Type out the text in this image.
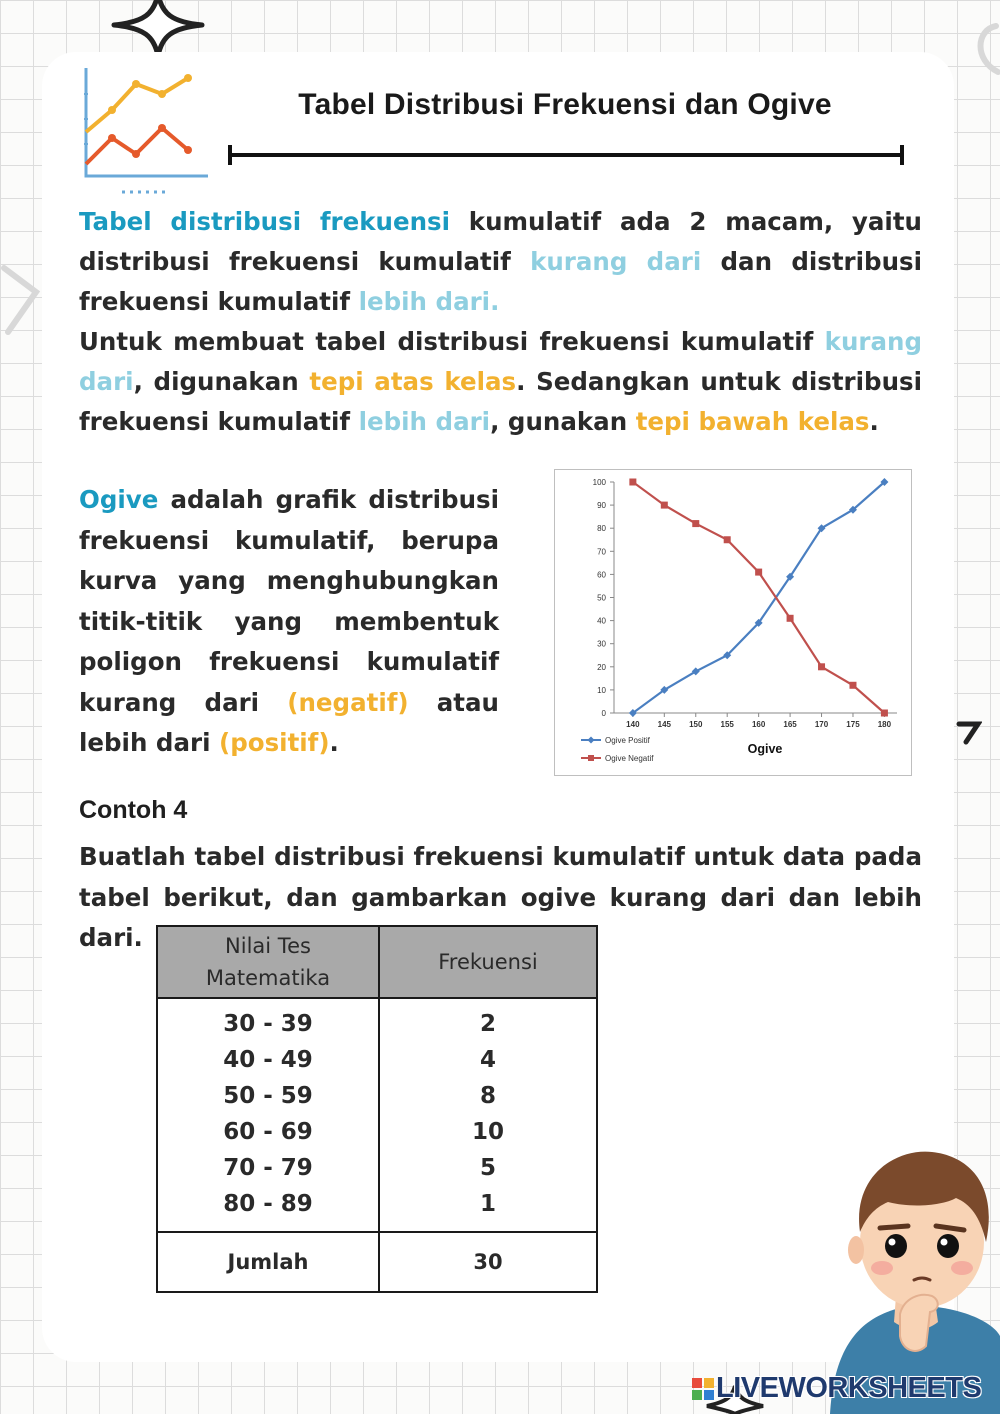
Tabel Distribusi Frekuensi dan Ogive

Tabel distribusi frekuensi kumulatif ada 2 macam, yaitu distribusi frekuensi kumulatif kurang dari dan distribusi frekuensi kumulatif lebih dari.

Untuk membuat tabel distribusi frekuensi kumulatif kurang dari, digunakan tepi atas kelas. Sedangkan untuk distribusi frekuensi kumulatif lebih dari, gunakan tepi bawah kelas.

Ogive adalah grafik distribusi frekuensi kumulatif, berupa kurva yang menghubungkan titik-titik yang membentuk poligon frekuensi kumulatif kurang dari (negatif) atau lebih dari (positif).

0
10
20
30
40
50
60
70
80
90
100
140 145 150 155 160 165 170 175 180
Ogive Positif
Ogive Negatif
Ogive
Contoh 4

Buatlah tabel distribusi frekuensi kumulatif untuk data pada tabel berikut, dan gambarkan ogive kurang dari dan lebih dari.	Nilai Tes
Matematika	Frekuensi
30 - 39	2
40 - 49	4
50 - 59	8
60 - 69	10
70 - 79	5
80 - 89	1
Jumlah	30
LIVEWORKSHEETS
